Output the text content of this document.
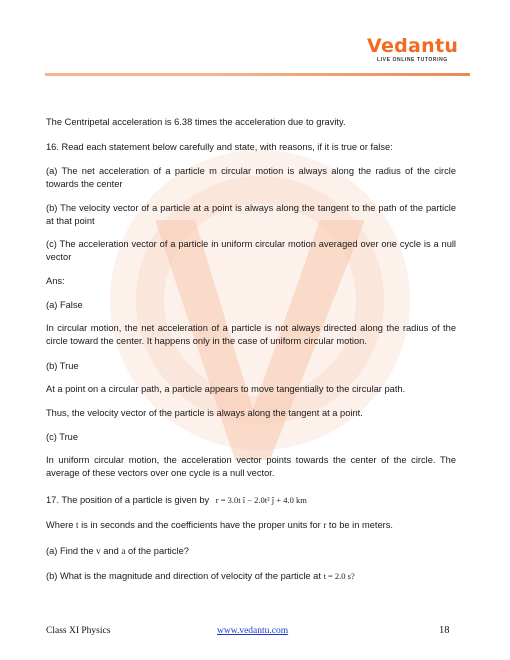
Vedantu
LIVE ONLINE TUTORING
The Centripetal acceleration is 6.38 times the acceleration due to gravity.
16. Read each statement below carefully and state, with reasons, if it is true or false:
(a) The net acceleration of a particle m circular motion is always along the radius of the circle towards the center
(b) The velocity vector of a particle at a point is always along the tangent to the path of the particle at that point
(c) The acceleration vector of a particle in uniform circular motion averaged over one cycle is a null vector
Ans:
(a) False
In circular motion, the net acceleration of a particle is not always directed along the radius of the circle toward the center. It happens only in the case of uniform circular motion.
(b) True
At a point on a circular path, a particle appears to move tangentially to the circular path.
Thus, the velocity vector of the particle is always along the tangent at a point.
(c) True
In uniform circular motion, the acceleration vector points towards the center of the circle. The average of these vectors over one cycle is a null vector.
17. The position of a particle is given by r = 3.0t î − 2.0t² ĵ + 4.0 km
Where t is in seconds and the coefficients have the proper units for r to be in meters.
(a) Find the v and a of the particle?
(b) What is the magnitude and direction of velocity of the particle at t = 2.0 s?
Class XI Physics	www.vedantu.com	18
